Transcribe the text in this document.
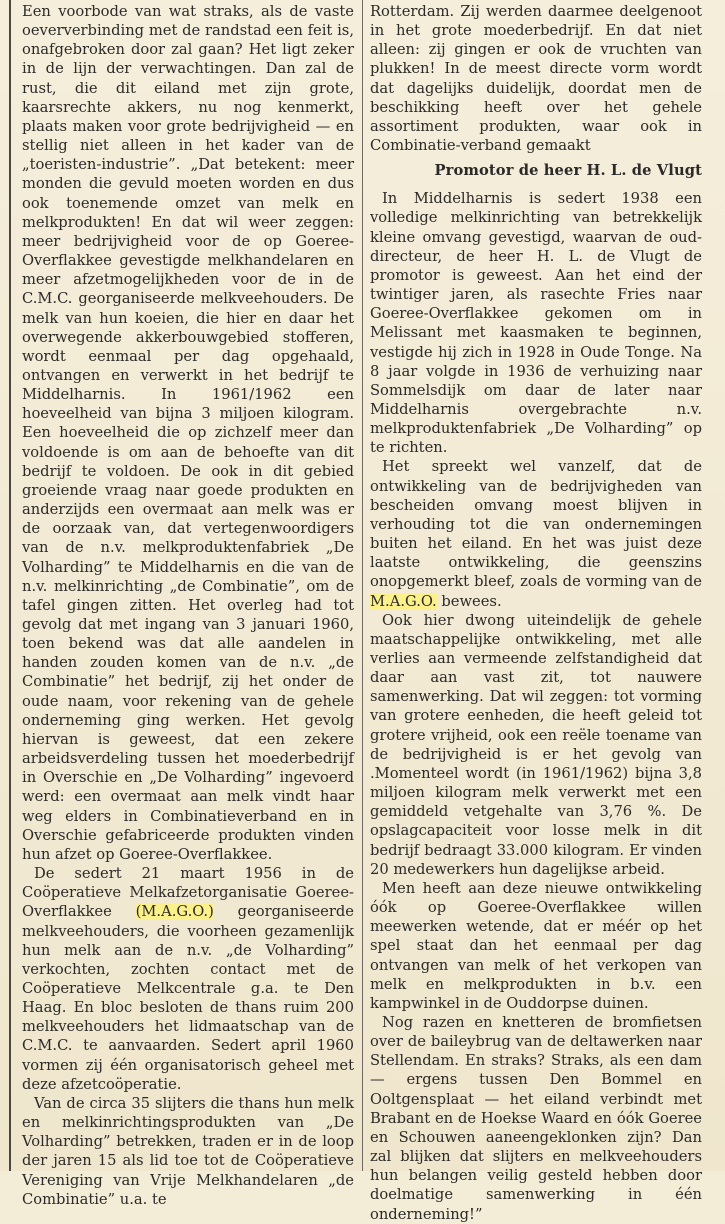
Een voorbode van wat straks, als de vaste oeververbinding met de randstad een feit is, onafgebroken door zal gaan? Het ligt zeker in de lijn der verwachtingen. Dan zal de rust, die dit eiland met zijn grote, kaarsrechte akkers, nu nog kenmerkt, plaats maken voor grote bedrijvigheid — en stellig niet alleen in het kader van de „toeristen-industrie”. „Dat betekent: meer monden die gevuld moeten worden en dus ook toenemende omzet van melk en melkprodukten! En dat wil weer zeggen: meer bedrijvigheid voor de op Goeree-Overflakkee gevestigde melkhandelaren en meer afzetmogelijkheden voor de in de C.M.C. georganiseerde melkveehouders. De melk van hun koeien, die hier en daar het overwegende akkerbouwgebied stofferen, wordt eenmaal per dag opgehaald, ontvangen en verwerkt in het bedrijf te Middelharnis. In 1961/1962 een hoeveelheid van bijna 3 miljoen kilogram. Een hoeveelheid die op zichzelf meer dan voldoende is om aan de behoefte van dit bedrijf te voldoen. De ook in dit gebied groeiende vraag naar goede produkten en anderzijds een overmaat aan melk was er de oorzaak van, dat vertegenwoordigers van de n.v. melkproduktenfabriek „De Volharding” te Middelharnis en die van de n.v. melkinrichting „de Combinatie”, om de tafel gingen zitten. Het overleg had tot gevolg dat met ingang van 3 januari 1960, toen bekend was dat alle aandelen in handen zouden komen van de n.v. „de Combinatie” het bedrijf, zij het onder de oude naam, voor rekening van de gehele onderneming ging werken. Het gevolg hiervan is geweest, dat een zekere arbeidsverdeling tussen het moederbedrijf in Overschie en „De Volharding” ingevoerd werd: een overmaat aan melk vindt haar weg elders in Combinatieverband en in Overschie gefabriceerde produkten vinden hun afzet op Goeree-Overflakkee.

De sedert 21 maart 1956 in de Coöperatieve Melkafzetorganisatie Goeree-Overflakkee (M.A.G.O.) georganiseerde melkveehouders, die voorheen gezamenlijk hun melk aan de n.v. „de Volharding” verkochten, zochten contact met de Coöperatieve Melkcentrale g.a. te Den Haag. En bloc besloten de thans ruim 200 melkveehouders het lidmaatschap van de C.M.C. te aanvaarden. Sedert april 1960 vormen zij één organisatorisch geheel met deze afzetcoöperatie.

Van de circa 35 slijters die thans hun melk en melkinrichtingsprodukten van „De Volharding” betrekken, traden er in de loop der jaren 15 als lid toe tot de Coöperatieve Vereniging van Vrije Melkhandelaren „de Combinatie” u.a. te

Rotterdam. Zij werden daarmee deelgenoot in het grote moederbedrijf. En dat niet alleen: zij gingen er ook de vruchten van plukken! In de meest directe vorm wordt dat dagelijks duidelijk, doordat men de beschikking heeft over het gehele assortiment produkten, waar ook in Combinatie-verband gemaakt

Promotor de heer H. L. de Vlugt

In Middelharnis is sedert 1938 een volledige melkinrichting van betrekkelijk kleine omvang gevestigd, waarvan de oud-directeur, de heer H. L. de Vlugt de promotor is geweest. Aan het eind der twintiger jaren, als rasechte Fries naar Goeree-Overflakkee gekomen om in Melissant met kaasmaken te beginnen, vestigde hij zich in 1928 in Oude Tonge. Na 8 jaar volgde in 1936 de verhuizing naar Sommelsdijk om daar de later naar Middelharnis overgebrachte n.v. melkproduktenfabriek „De Volharding” op te richten.

Het spreekt wel vanzelf, dat de ontwikkeling van de bedrijvigheden van bescheiden omvang moest blijven in verhouding tot die van ondernemingen buiten het eiland. En het was juist deze laatste ontwikkeling, die geenszins onopgemerkt bleef, zoals de vorming van de M.A.G.O. bewees.

Ook hier dwong uiteindelijk de gehele maatschappelijke ontwikkeling, met alle verlies aan vermeende zelfstandigheid dat daar aan vast zit, tot nauwere samenwerking. Dat wil zeggen: tot vorming van grotere eenheden, die heeft geleid tot grotere vrijheid, ook een reële toename van de bedrijvigheid is er het gevolg van .Momenteel wordt (in 1961/1962) bijna 3,8 miljoen kilogram melk verwerkt met een gemiddeld vetgehalte van 3,76 %. De opslagcapaciteit voor losse melk in dit bedrijf bedraagt 33.000 kilogram. Er vinden 20 medewerkers hun dagelijkse arbeid.

Men heeft aan deze nieuwe ontwikkeling óók op Goeree-Overflakkee willen meewerken wetende, dat er méér op het spel staat dan het eenmaal per dag ontvangen van melk of het verkopen van melk en melkprodukten in b.v. een kampwinkel in de Ouddorpse duinen.

Nog razen en knetteren de bromfietsen over de baileybrug van de deltawerken naar Stellendam. En straks? Straks, als een dam — ergens tussen Den Bommel en Ooltgensplaat — het eiland verbindt met Brabant en de Hoekse Waard en óók Goeree en Schouwen aaneengeklonken zijn? Dan zal blijken dat slijters en melkveehouders hun belangen veilig gesteld hebben door doelmatige samenwerking in één onderneming!”
